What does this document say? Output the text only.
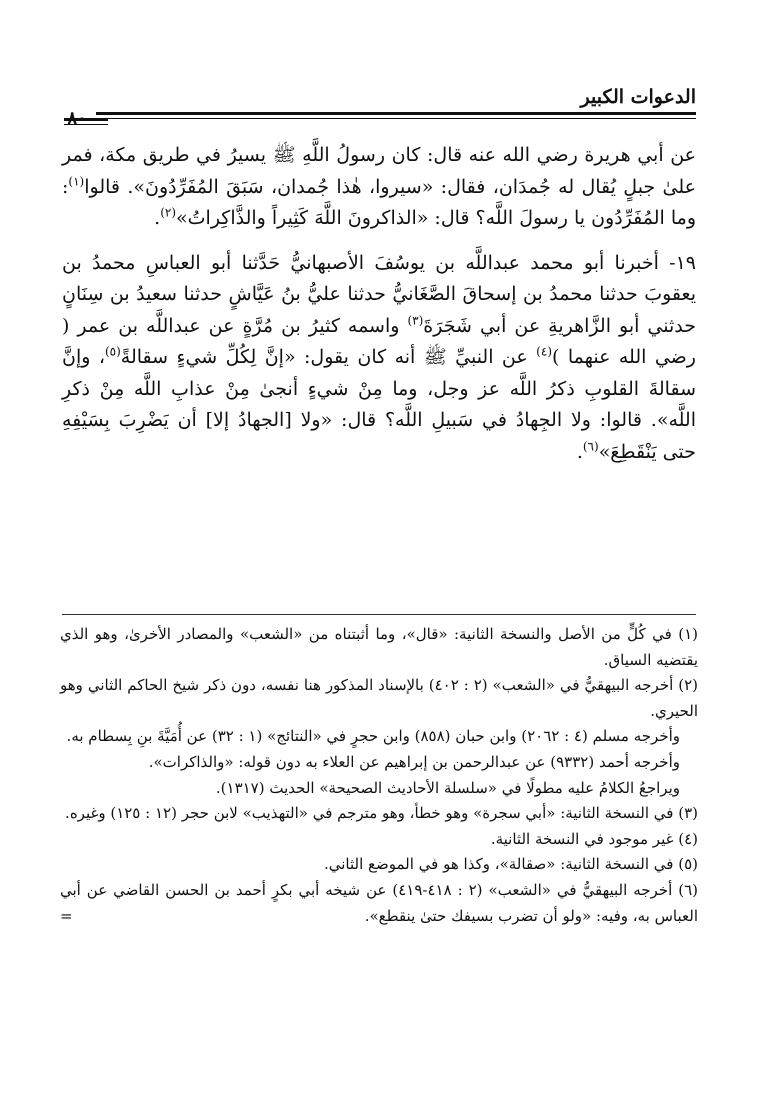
الدعوات الكبير
٨٠

عن أبي هريرة رضي الله عنه قال: كان رسولُ اللَّهِ ﷺ يسيرُ في طريق مكة، فمر علىٰ جبلٍ يُقال له جُمدَان، فقال: «سيروا، هٰذا جُمدان، سَبَقَ المُفَرِّدُونَ». قالوا$^{(١)}$: وما المُفَرِّدُون يا رسولَ اللَّه؟ قال: «الذاكرونَ اللَّهَ كَثِيراً والذَّاكِراتُ»$^{(٢)}$.

١٩- أخبرنا أبو محمد عبداللَّه بن يوسُفَ الأصبهانيُّ حَدَّثنا أبو العباسِ محمدُ بن يعقوبَ حدثنا محمدُ بن إسحاقَ الصَّغَانيُّ حدثنا عليُّ بنُ عَيَّاشٍ حدثنا سعيدُ بن سِنَانٍ حدثني أبو الزَّاهريةِ عن أبي شَجَرَةَ$^{(٣)}$ واسمه كثيرُ بن مُرَّةٍ عن عبداللَّه بن عمر ( رضي الله عنهما )$^{(٤)}$ عن النبيِّ ﷺ أنه كان يقول: «إنَّ لِكُلِّ شيءٍ سقالةً$^{(٥)}$، وإنَّ سقالةَ القلوبِ ذكرُ اللَّه عز وجل، وما مِنْ شيءٍ أنجىٰ مِنْ عذابِ اللَّه مِنْ ذكرِ اللَّه». قالوا: ولا الجِهادُ في سَبيلِ اللَّه؟ قال: «ولا [الجهادُ إلا] أن يَضْرِبَ بِسَيْفِهِ حتى يَنْقَطِعَ»$^{(٦)}$.

(١) في كُلٍّ من الأصل والنسخة الثانية: «قال»، وما أثبتناه من «الشعب» والمصادر الأخرىٰ، وهو الذي يقتضيه السياق.

(٢) أخرجه البيهقيُّ في «الشعب» (٢ : ٤٠٢) بالإسناد المذكور هنا نفسه، دون ذكر شيخ الحاكم الثاني وهو الحيري.

وأخرجه مسلم (٤ : ٢٠٦٢) وابن حبان (٨٥٨) وابن حجرٍ في «النتائج» (١ : ٣٢) عن أُمَيَّةَ بنِ بِسطام به.

وأخرجه أحمد (٩٣٣٢) عن عبدالرحمن بن إبراهيم عن العلاء به دون قوله: «والذاكرات».

ويراجعُ الكلامُ عليه مطولًا في «سلسلة الأحاديث الصحيحة» الحديث (١٣١٧).

(٣) في النسخة الثانية: «أبي سجرة» وهو خطأ، وهو مترجم في «التهذيب» لابن حجر (١٢ : ١٢٥) وغيره.

(٤) غير موجود في النسخة الثانية.

(٥) في النسخة الثانية: «صقالة»، وكذا هو في الموضع الثاني.

(٦) أخرجه البيهقيُّ في «الشعب» (٢ : ٤١٨-٤١٩) عن شيخه أبي بكرٍ أحمد بن الحسن القاضي عن أبي العباس به، وفيه: «ولو أن تضرب بسيفك حتىٰ ينقطع».
=
